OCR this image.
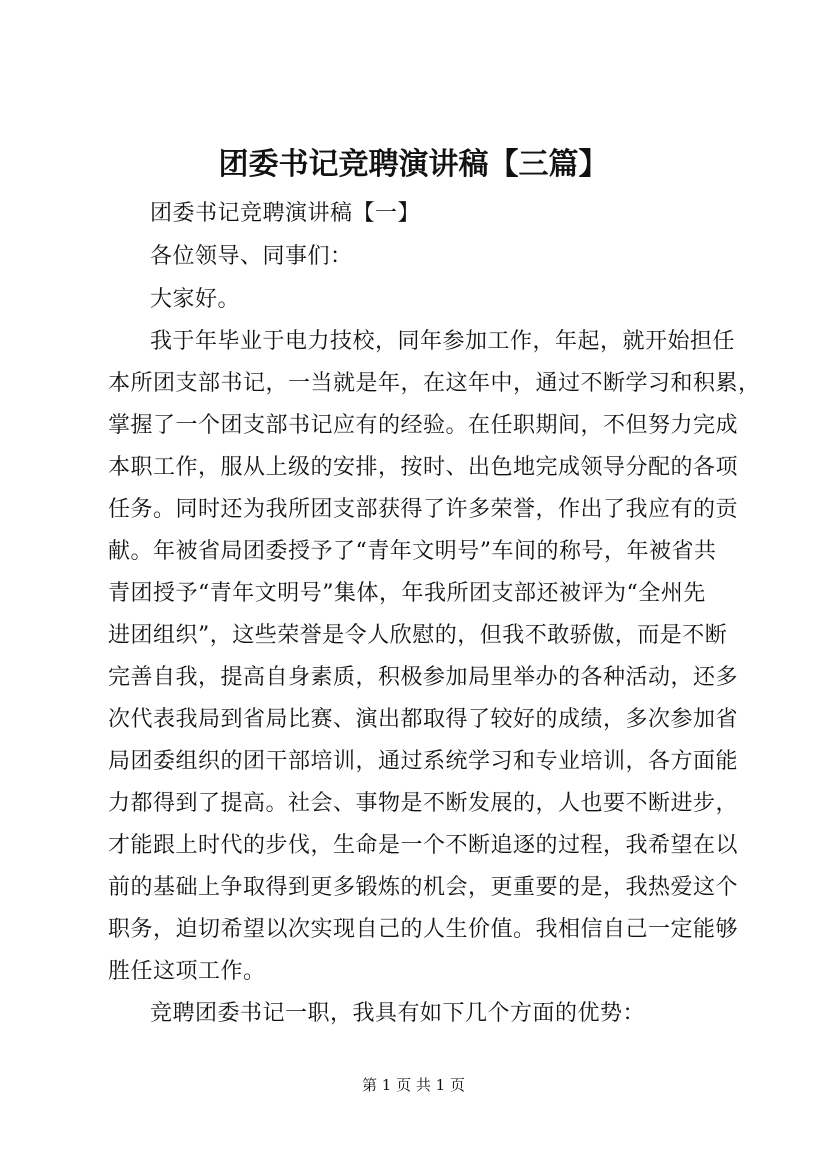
团委书记竞聘演讲稿【三篇】
团委书记竞聘演讲稿【一】
各位领导、同事们：
大家好。
我于年毕业于电力技校，同年参加工作，年起，就开始担任
本所团支部书记，一当就是年，在这年中，通过不断学习和积累，
掌握了一个团支部书记应有的经验。在任职期间，不但努力完成
本职工作，服从上级的安排，按时、出色地完成领导分配的各项
任务。同时还为我所团支部获得了许多荣誉，作出了我应有的贡
献。年被省局团委授予了“青年文明号”车间的称号，年被省共
青团授予“青年文明号”集体，年我所团支部还被评为“全州先
进团组织”，这些荣誉是令人欣慰的，但我不敢骄傲，而是不断
完善自我，提高自身素质，积极参加局里举办的各种活动，还多
次代表我局到省局比赛、演出都取得了较好的成绩，多次参加省
局团委组织的团干部培训，通过系统学习和专业培训，各方面能
力都得到了提高。社会、事物是不断发展的，人也要不断进步，
才能跟上时代的步伐，生命是一个不断追逐的过程，我希望在以
前的基础上争取得到更多锻炼的机会，更重要的是，我热爱这个
职务，迫切希望以次实现自己的人生价值。我相信自己一定能够
胜任这项工作。
竞聘团委书记一职，我具有如下几个方面的优势：
第 1 页 共 1 页
